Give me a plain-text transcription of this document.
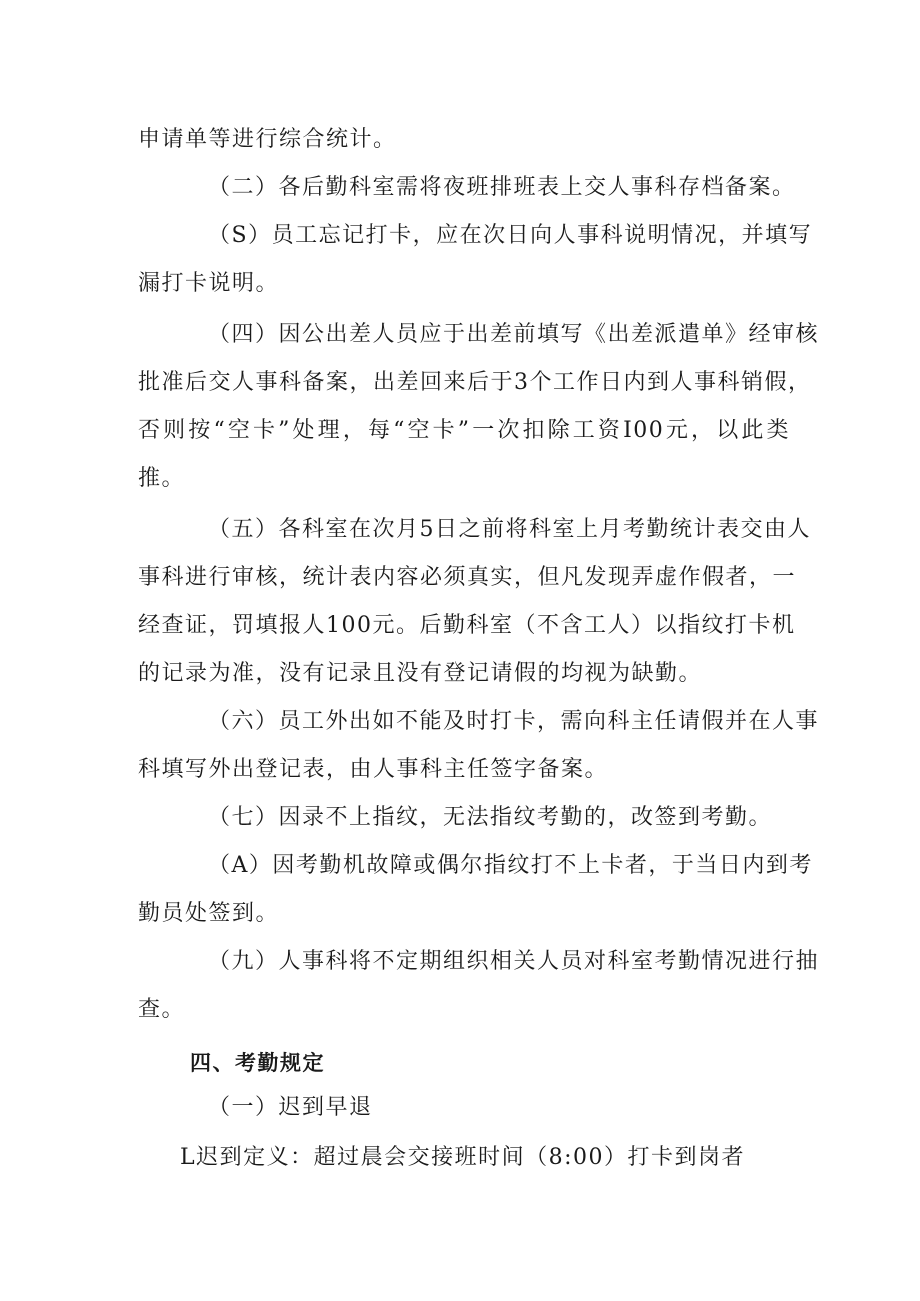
申请单等进行综合统计。
（二）各后勤科室需将夜班排班表上交人事科存档备案。
（S）员工忘记打卡，应在次日向人事科说明情况，并填写
漏打卡说明。
（四）因公出差人员应于出差前填写《出差派遣单》经审核
批准后交人事科备案，出差回来后于3个工作日内到人事科销假，
否则按“空卡”处理，每“空卡”一次扣除工资I00元，以此类
推。
（五）各科室在次月5日之前将科室上月考勤统计表交由人
事科进行审核，统计表内容必须真实，但凡发现弄虚作假者，一
经查证，罚填报人100元。后勤科室（不含工人）以指纹打卡机
的记录为准，没有记录且没有登记请假的均视为缺勤。
（六）员工外出如不能及时打卡，需向科主任请假并在人事
科填写外出登记表，由人事科主任签字备案。
（七）因录不上指纹，无法指纹考勤的，改签到考勤。
（A）因考勤机故障或偶尔指纹打不上卡者，于当日内到考
勤员处签到。
（九）人事科将不定期组织相关人员对科室考勤情况进行抽
查。
四、考勤规定
（一）迟到早退
L迟到定义：超过晨会交接班时间（8:00）打卡到岗者
